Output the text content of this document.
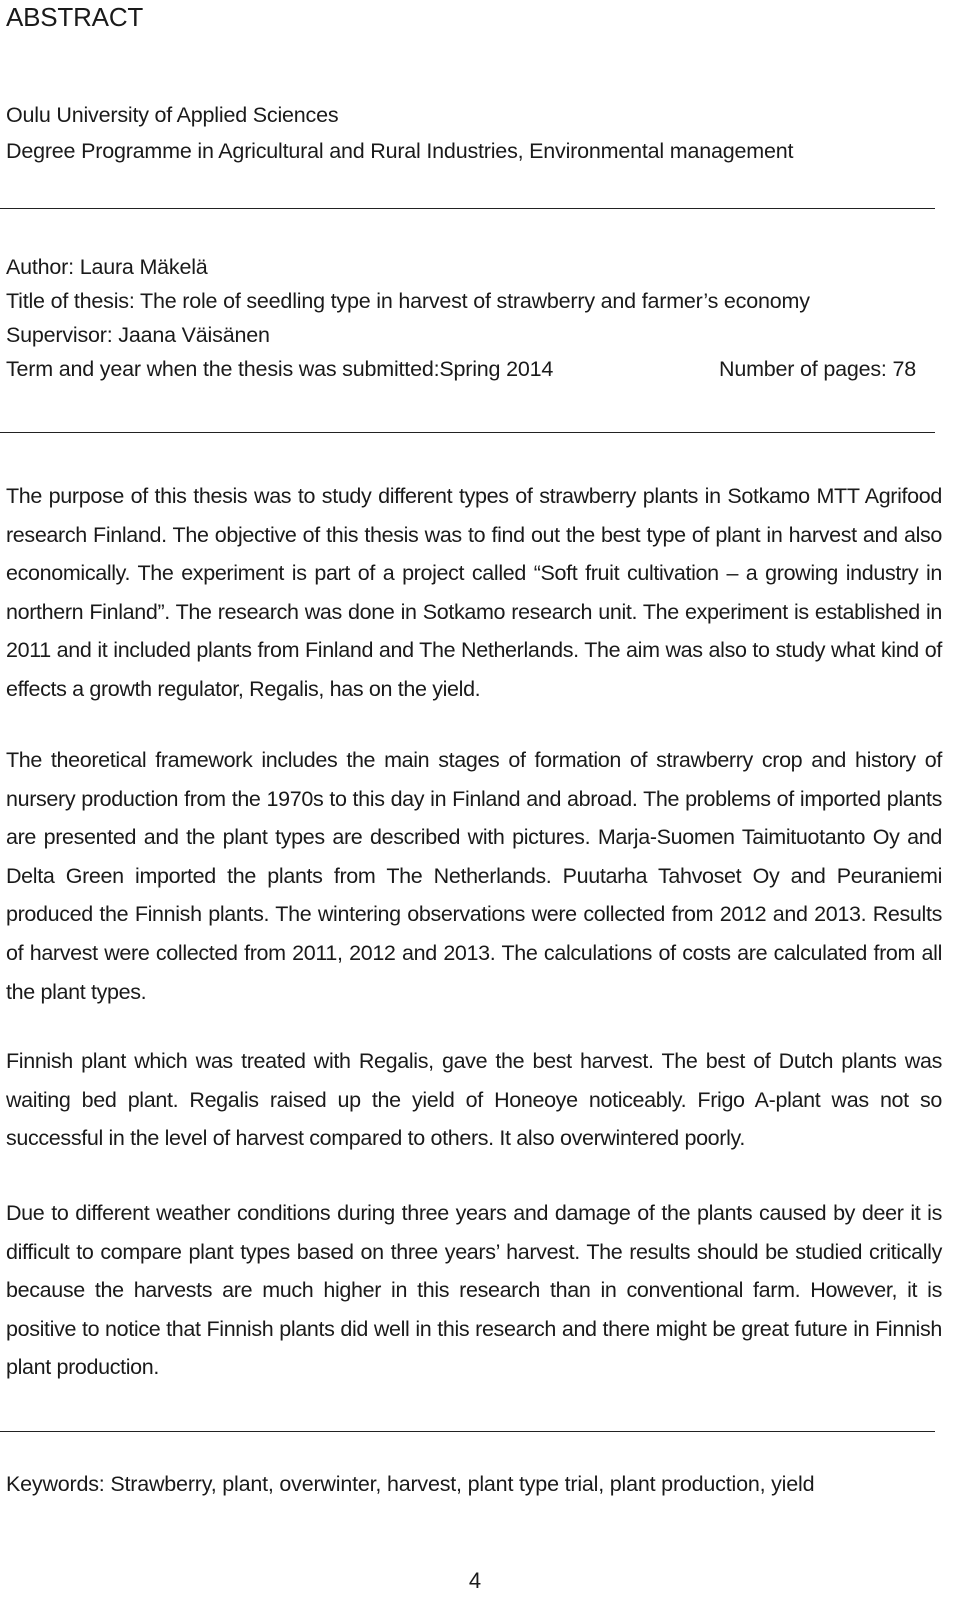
ABSTRACT
Oulu University of Applied Sciences
Degree Programme in Agricultural and Rural Industries, Environmental management
Author: Laura Mäkelä
Title of thesis: The role of seedling type in harvest of strawberry and farmer’s economy
Supervisor: Jaana Väisänen
Term and year when the thesis was submitted:Spring 2014	Number of pages: 78

The purpose of this thesis was to study different types of strawberry plants in Sotkamo MTT Agrifood research Finland. The objective of this thesis was to find out the best type of plant in harvest and also economically. The experiment is part of a project called “Soft fruit cultivation – a growing industry in northern Finland”. The research was done in Sotkamo research unit. The experiment is established in 2011 and it included plants from Finland and The Netherlands. The aim was also to study what kind of effects a growth regulator, Regalis, has on the yield.

The theoretical framework includes the main stages of formation of strawberry crop and history of nursery production from the 1970s to this day in Finland and abroad. The problems of imported plants are presented and the plant types are described with pictures. Marja-Suomen Taimituotanto Oy and Delta Green imported the plants from The Netherlands. Puutarha Tahvoset Oy and Peuraniemi produced the Finnish plants. The wintering observations were collected from 2012 and 2013. Results of harvest were collected from 2011, 2012 and 2013. The calculations of costs are calculated from all the plant types.

Finnish plant which was treated with Regalis, gave the best harvest. The best of Dutch plants was waiting bed plant. Regalis raised up the yield of Honeoye noticeably. Frigo A-plant was not so successful in the level of harvest compared to others. It also overwintered poorly.

Due to different weather conditions during three years and damage of the plants caused by deer it is difficult to compare plant types based on three years’ harvest. The results should be studied critically because the harvests are much higher in this research than in conventional farm. However, it is positive to notice that Finnish plants did well in this research and there might be great future in Finnish plant production.

Keywords: Strawberry, plant, overwinter, harvest, plant type trial, plant production, yield
4
